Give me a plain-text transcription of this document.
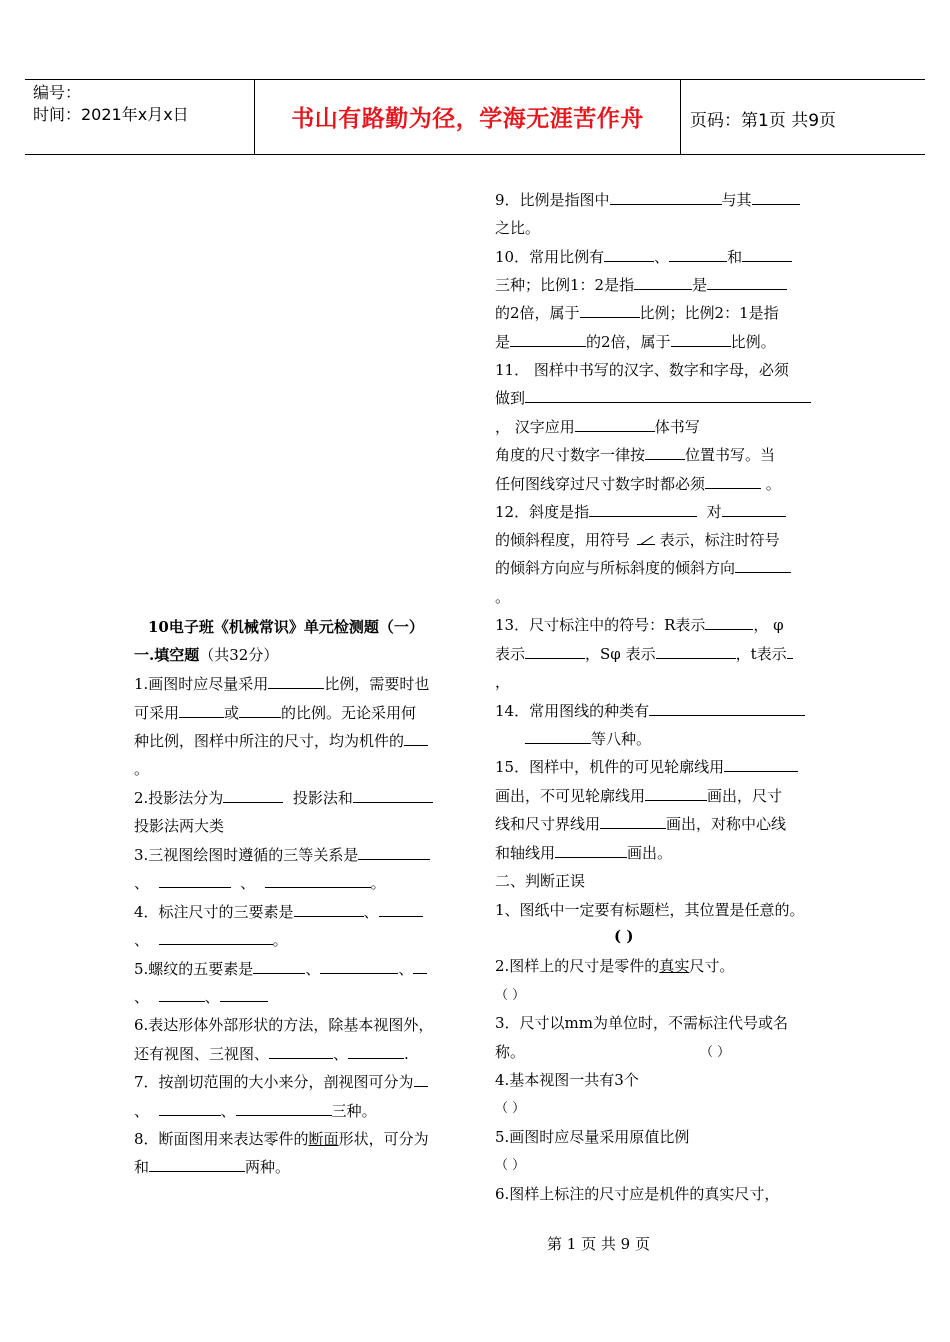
编号：
时间：2021年x月x日	书山有路勤为径，学海无涯苦作舟	页码：第1页 共9页
10电子班《机械常识》单元检测题（一）
一.填空题（共32分）
1.画图时应尽量采用	比例，需要时也
可采用	或	的比例。无论采用何
种比例，图样中所注的尺寸，均为机件的
。
2.投影法分为	投影法和
投影法两大类
3.三视图绘图时遵循的三等关系是
、	、	。
4．标注尺寸的三要素是	、
、	。
5.螺纹的五要素是	、	、
、	、
6.表达形体外部形状的方法，除基本视图外，
还有视图、三视图、	、	.
7．按剖切范围的大小来分，剖视图可分为
、	、	三种。
8．断面图用来表达零件的断面形状，可分为
和	两种。
9．比例是指图中	与其
之比。
10．常用比例有	、	和
三种；比例1：2是指	是
的2倍，属于	比例；比例2：1是指
是	的2倍，属于	比例。
11． 图样中书写的汉字、数字和字母，必须
做到
， 汉字应用	体书写
角度的尺寸数字一律按	位置书写。当
任何图线穿过尺寸数字时都必须	。
12．斜度是指	对
的倾斜程度，用符号 表示，标注时符号
的倾斜方向应与所标斜度的倾斜方向
。
13．尺寸标注中的符号：R表示	， φ
表示	，Sφ 表示	，t表示
，
14．常用图线的种类有
等八种。
15．图样中，机件的可见轮廓线用
画出，不可见轮廓线用	画出，尺寸
线和尺寸界线用	画出，对称中心线
和轴线用	画出。
二、判断正误
1、图纸中一定要有标题栏，其位置是任意的。
( )
2.图样上的尺寸是零件的真实尺寸。
（ ）
3．尺寸以mm为单位时，不需标注代号或名
称。	（ ）
4.基本视图一共有3个
（ ）
5.画图时应尽量采用原值比例
（ ）
6.图样上标注的尺寸应是机件的真实尺寸，
第 1 页 共 9 页
